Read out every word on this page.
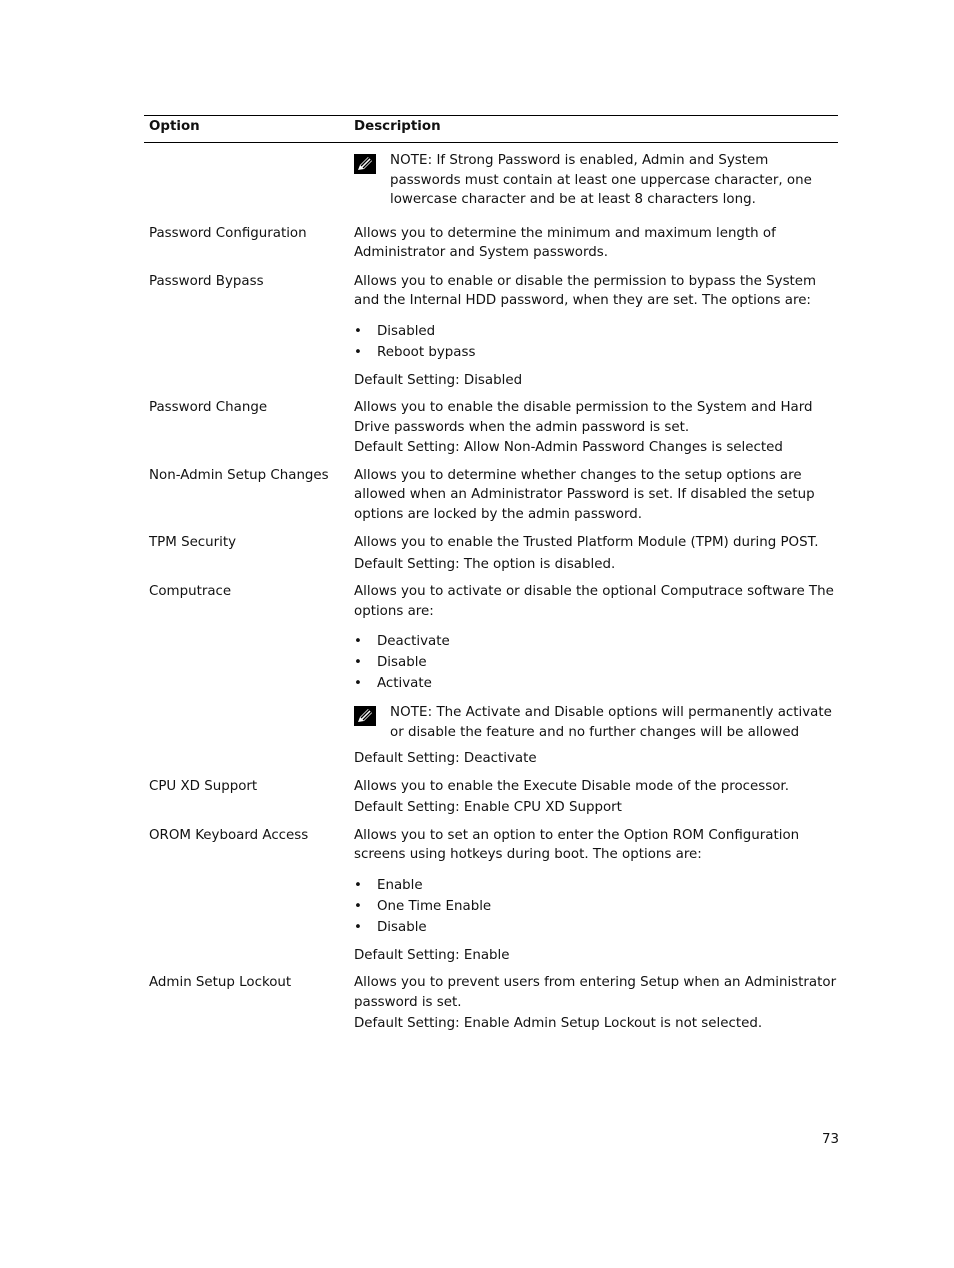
Option	Description
NOTE: If Strong Password is enabled, Admin and System passwords must contain at least one uppercase character, one lowercase character and be at least 8 characters long.
Password Configuration	Allows you to determine the minimum and maximum length of Administrator and System passwords.

Password Bypass	Allows you to enable or disable the permission to bypass the System and the Internal HDD password, when they are set. The options are:

• Disabled
• Reboot bypass

Default Setting: Disabled

Password Change	Allows you to enable the disable permission to the System and Hard Drive passwords when the admin password is set.

Default Setting: Allow Non-Admin Password Changes is selected

Non-Admin Setup Changes	Allows you to determine whether changes to the setup options are allowed when an Administrator Password is set. If disabled the setup options are locked by the admin password.

TPM Security	Allows you to enable the Trusted Platform Module (TPM) during POST.

Default Setting: The option is disabled.

Computrace	Allows you to activate or disable the optional Computrace software The options are:

• Deactivate
• Disable
• Activate
NOTE: The Activate and Disable options will permanently activate or disable the feature and no further changes will be allowed

Default Setting: Deactivate

CPU XD Support	Allows you to enable the Execute Disable mode of the processor.

Default Setting: Enable CPU XD Support

OROM Keyboard Access	Allows you to set an option to enter the Option ROM Configuration screens using hotkeys during boot. The options are:

• Enable
• One Time Enable
• Disable

Default Setting: Enable

Admin Setup Lockout	Allows you to prevent users from entering Setup when an Administrator password is set.

Default Setting: Enable Admin Setup Lockout is not selected.

73
